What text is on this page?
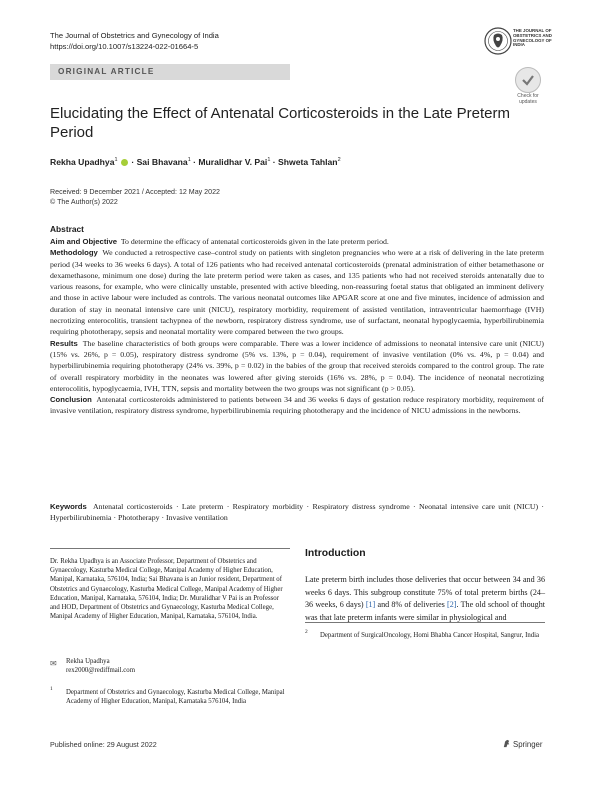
The Journal of Obstetrics and Gynecology of India
https://doi.org/10.1007/s13224-022-01664-5
THE JOURNAL OF OBSTETRICS AND GYNECOLOGY OF INDIA
ORIGINAL ARTICLE
Check for updates
Elucidating the Effect of Antenatal Corticosteroids in the Late Preterm Period
Rekha Upadhya$^1$  · Sai Bhavana$^1$ · Muralidhar V. Pai$^1$ · Shweta Tahlan$^2$
Received: 9 December 2021 / Accepted: 12 May 2022
© The Author(s) 2022
Abstract

Aim and Objective To determine the efficacy of antenatal corticosteroids given in the late preterm period.

Methodology We conducted a retrospective case–control study on patients with singleton pregnancies who were at a risk of delivering in the late preterm period (34 weeks to 36 weeks 6 days). A total of 126 patients who had received antenatal corticosteroids (prenatal administration of either betamethasone or dexamethasone, minimum one dose) during the late preterm period were taken as cases, and 135 patients who had not received steroids antenatally due to various reasons, for example, who were clinically unstable, presented with active bleeding, non-reassuring foetal status that obligated an imminent delivery and those in active labour were included as controls. The various neonatal outcomes like APGAR score at one and five minutes, incidence of admission and duration of stay in neonatal intensive care unit (NICU), respiratory morbidity, requirement of assisted ventilation, intraventricular haemorrhage (IVH) necrotizing enterocolitis, transient tachypnea of the newborn, respiratory distress syndrome, use of surfactant, neonatal hypoglycaemia, hyperbilirubinemia requiring phototherapy, sepsis and neonatal mortality were compared between the two groups.

Results The baseline characteristics of both groups were comparable. There was a lower incidence of admissions to neonatal intensive care unit (NICU) (15% vs. 26%, p = 0.05), respiratory distress syndrome (5% vs. 13%, p = 0.04), requirement of invasive ventilation (0% vs. 4%, p = 0.04) and hyperbilirubinemia requiring phototherapy (24% vs. 39%, p = 0.02) in the babies of the group that received steroids compared to the control group. The rate of overall respiratory morbidity in the neonates was lowered after giving steroids (16% vs. 28%, p = 0.04). The incidence of neonatal necrotizing enterocolitis, hypoglycaemia, IVH, TTN, sepsis and mortality between the two groups was not significant (p > 0.05).

Conclusion Antenatal corticosteroids administered to patients between 34 and 36 weeks 6 days of gestation reduce respiratory morbidity, requirement of invasive ventilation, respiratory distress syndrome, hyperbilirubinemia requiring phototherapy and the incidence of NICU admissions in the newborns.

Keywords Antenatal corticosteroids · Late preterm · Respiratory morbidity · Respiratory distress syndrome · Neonatal intensive care unit (NICU) · Hyperbilirubinemia · Phototherapy · Invasive ventilation
Dr. Rekha Upadhya is an Associate Professor, Department of Obstetrics and Gynaecology, Kasturba Medical College, Manipal Academy of Higher Education, Manipal, Karnataka, 576104, India; Sai Bhavana is an Junior resident, Department of Obstetrics and Gynaecology, Kasturba Medical College, Manipal Academy of Higher Education, Manipal, Karnataka, 576104, India; Dr. Muralidhar V Pai is an Professor and HOD, Department of Obstetrics and Gynaecology, Kasturba Medical College, Manipal Academy of Higher Education, Manipal, Karnataka, 576104, India.
✉ Rekha Upadhya
rex2000@rediffmail.com
1 Department of Obstetrics and Gynaecology, Kasturba Medical College, Manipal Academy of Higher Education, Manipal, Karnataka 576104, India
Introduction
Late preterm birth includes those deliveries that occur between 34 and 36 weeks 6 days. This subgroup constitute 75% of total preterm births (24–36 weeks, 6 days) [1] and 8% of deliveries [2]. The old school of thought was that late preterm infants were similar in physiological and
2 Department of SurgicalOncology, Homi Bhabha Cancer Hospital, Sangrur, India
Published online: 29 August 2022	Springer
